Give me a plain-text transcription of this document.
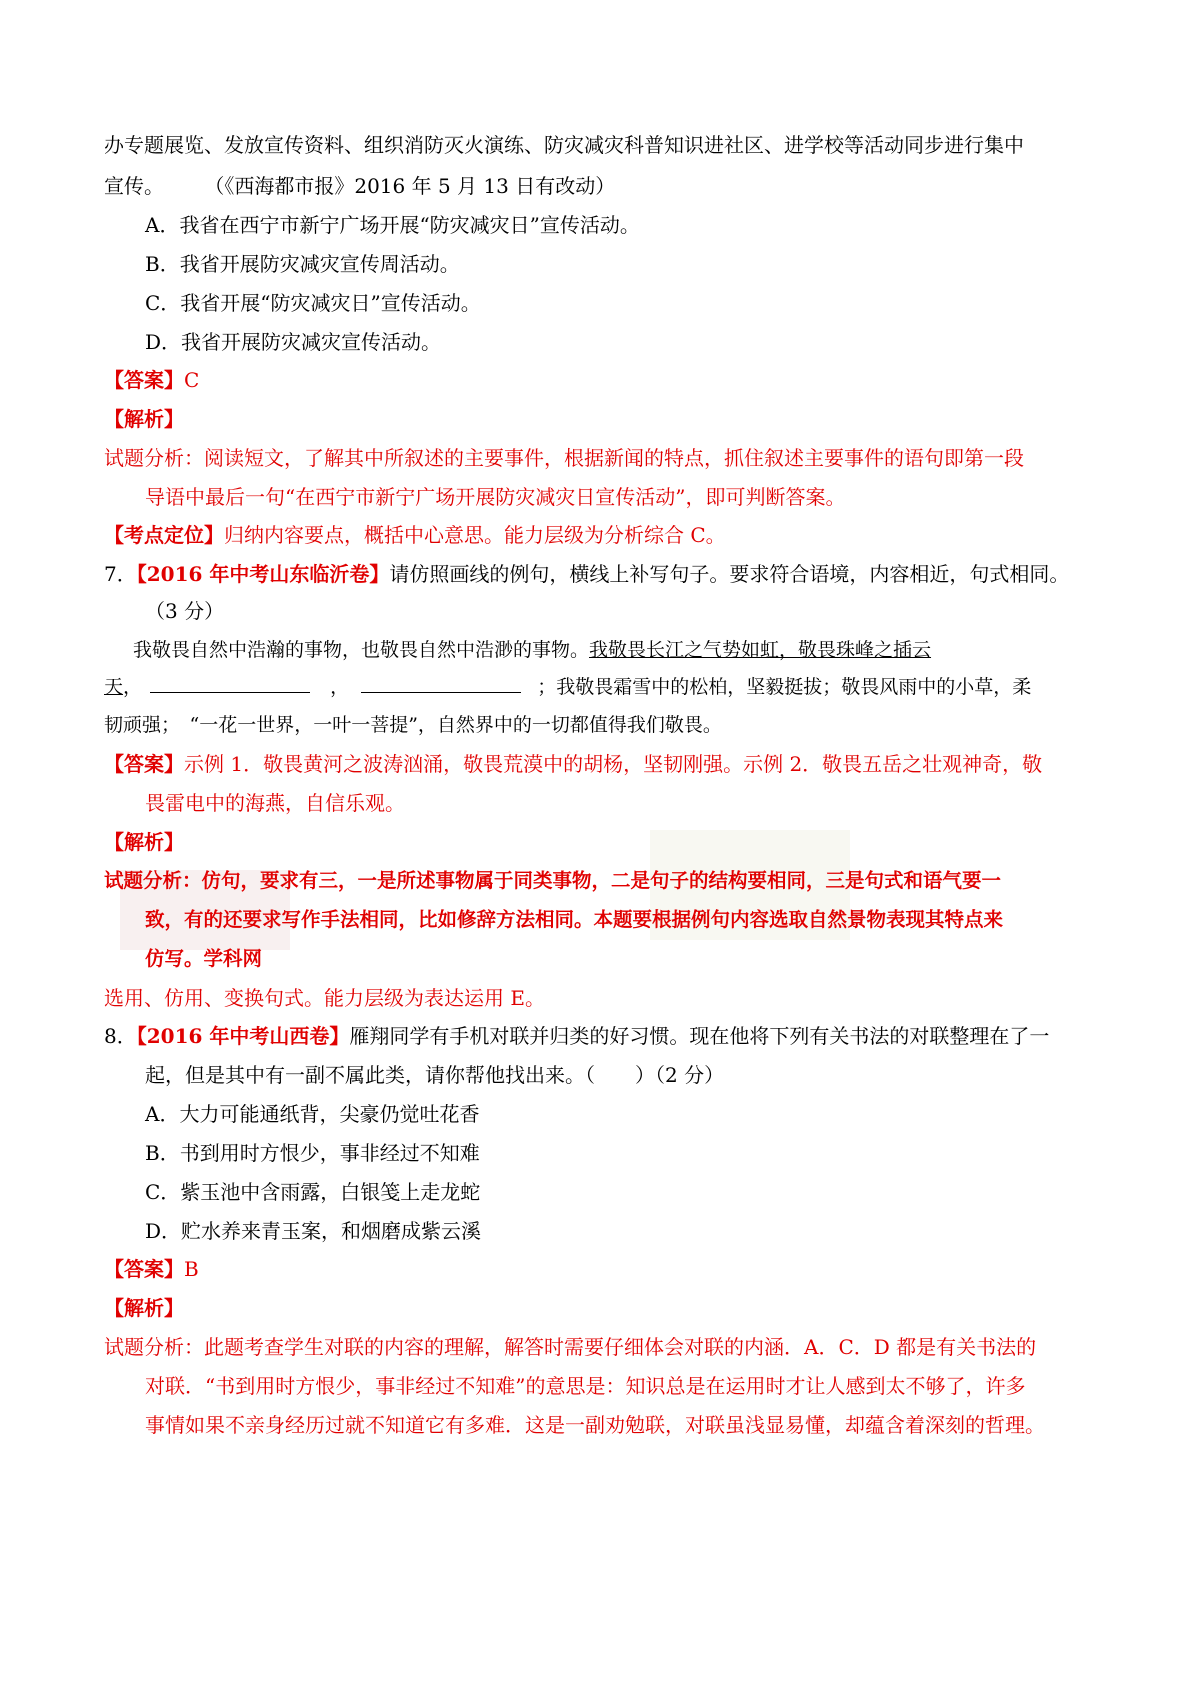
办专题展览、发放宣传资料、组织消防灭火演练、防灾减灾科普知识进社区、进学校等活动同步进行集中
宣传。 （《西海都市报》2016 年 5 月 13 日有改动）
A．我省在西宁市新宁广场开展“防灾减灾日”宣传活动。
B．我省开展防灾减灾宣传周活动。
C．我省开展“防灾减灾日”宣传活动。
D．我省开展防灾减灾宣传活动。
【答案】C
【解析】
试题分析：阅读短文，了解其中所叙述的主要事件，根据新闻的特点，抓住叙述主要事件的语句即第一段
导语中最后一句“在西宁市新宁广场开展防灾减灾日宣传活动”，即可判断答案。
【考点定位】归纳内容要点，概括中心意思。能力层级为分析综合 C。
7．【2016 年中考山东临沂卷】请仿照画线的例句，横线上补写句子。要求符合语境，内容相近，句式相同。
（3 分）
我敬畏自然中浩瀚的事物，也敬畏自然中浩渺的事物。我敬畏长江之气势如虹，敬畏珠峰之插云
天，	，	；我敬畏霜雪中的松柏，坚毅挺拔；敬畏风雨中的小草，柔
韧顽强；　“一花一世界，一叶一菩提”，自然界中的一切都值得我们敬畏。
【答案】示例 1．敬畏黄河之波涛汹涌，敬畏荒漠中的胡杨，坚韧刚强。示例 2．敬畏五岳之壮观神奇，敬
畏雷电中的海燕，自信乐观。
【解析】
试题分析：仿句，要求有三，一是所述事物属于同类事物，二是句子的结构要相同，三是句式和语气要一
致，有的还要求写作手法相同，比如修辞方法相同。本题要根据例句内容选取自然景物表现其特点来
仿写。学科网
选用、仿用、变换句式。能力层级为表达运用 E。
8．【2016 年中考山西卷】雁翔同学有手机对联并归类的好习惯。现在他将下列有关书法的对联整理在了一
起，但是其中有一副不属此类，请你帮他找出来。（　　）（2 分）
A．大力可能通纸背，尖豪仍觉吐花香
B．书到用时方恨少，事非经过不知难
C．紫玉池中含雨露，白银笺上走龙蛇
D．贮水养来青玉案，和烟磨成紫云溪
【答案】B
【解析】
试题分析：此题考查学生对联的内容的理解，解答时需要仔细体会对联的内涵．A．C．D 都是有关书法的
对联．“书到用时方恨少，事非经过不知难”的意思是：知识总是在运用时才让人感到太不够了，许多
事情如果不亲身经历过就不知道它有多难．这是一副劝勉联，对联虽浅显易懂，却蕴含着深刻的哲理。
